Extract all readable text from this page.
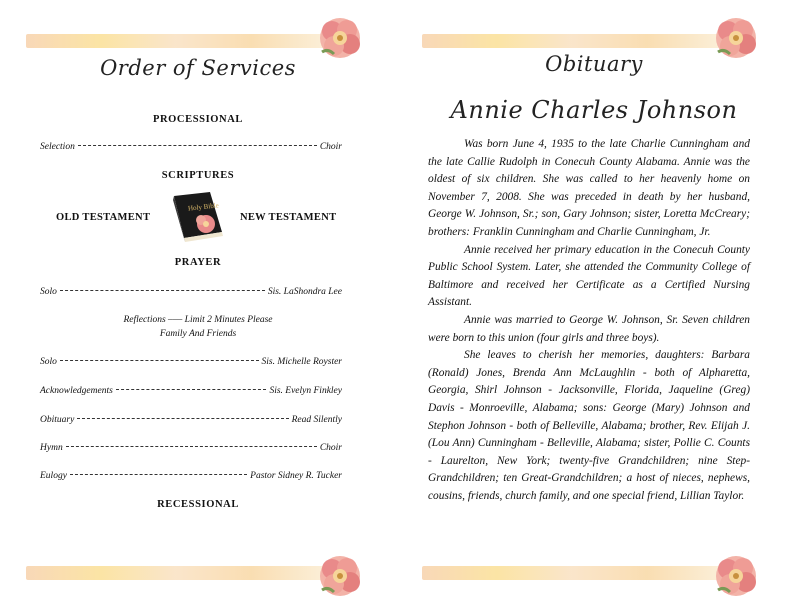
Order of Services
PROCESSIONAL
Selection	Choir
SCRIPTURES
OLD TESTAMENT
Holy Bible
NEW TESTAMENT
PRAYER
Solo	Sis. LaShondra Lee
Reflections ––– Limit 2 Minutes Please
Family And Friends
Solo	Sis. Michelle Royster
Acknowledgements	Sis. Evelyn Finkley
Obituary	Read Silently
Hymn	Choir
Eulogy	Pastor Sidney R. Tucker
RECESSIONAL
Obituary
Annie Charles Johnson

Was born June 4, 1935 to the late Charlie Cunningham and the late Callie Rudolph in Conecuh County Alabama. Annie was the oldest of six children. She was called to her heavenly home on November 7, 2008. She was preceded in death by her husband, George W. Johnson, Sr.; son, Gary Johnson; sister, Loretta McCreary; brothers: Franklin Cunningham and Charlie Cunningham, Jr.

Annie received her primary education in the Conecuh County Public School System. Later, she attended the Community College of Baltimore and received her Certificate as a Certified Nursing Assistant.

Annie was married to George W. Johnson, Sr. Seven children were born to this union (four girls and three boys).

She leaves to cherish her memories, daughters: Barbara (Ronald) Jones, Brenda Ann McLaughlin - both of Alpharetta, Georgia, Shirl Johnson - Jacksonville, Florida, Jaqueline (Greg) Davis - Monroeville, Alabama; sons: George (Mary) Johnson and Stephon Johnson - both of Belleville, Alabama; brother, Rev. Elijah J. (Lou Ann) Cunningham - Belleville, Alabama; sister, Pollie C. Counts - Laurelton, New York; twenty-five Grandchildren; nine Step-Grandchildren; ten Great-Grandchildren; a host of nieces, nephews, cousins, friends, church family, and one special friend, Lillian Taylor.
